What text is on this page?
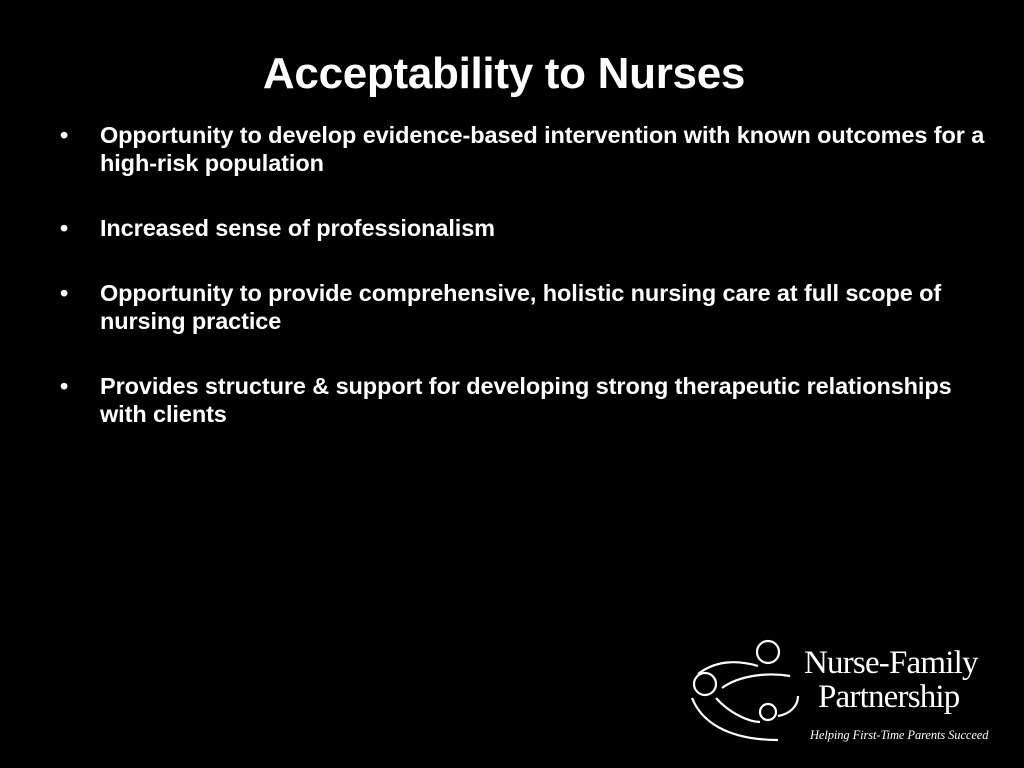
Acceptability to Nurses
•	Opportunity to develop evidence-based intervention with known outcomes for a high-risk population
•	Increased sense of professionalism
•	Opportunity to provide comprehensive, holistic nursing care at full scope of nursing practice
•	Provides structure & support for developing strong therapeutic relationships with clients
Nurse-Family
Partnership
Helping First-Time Parents Succeed
